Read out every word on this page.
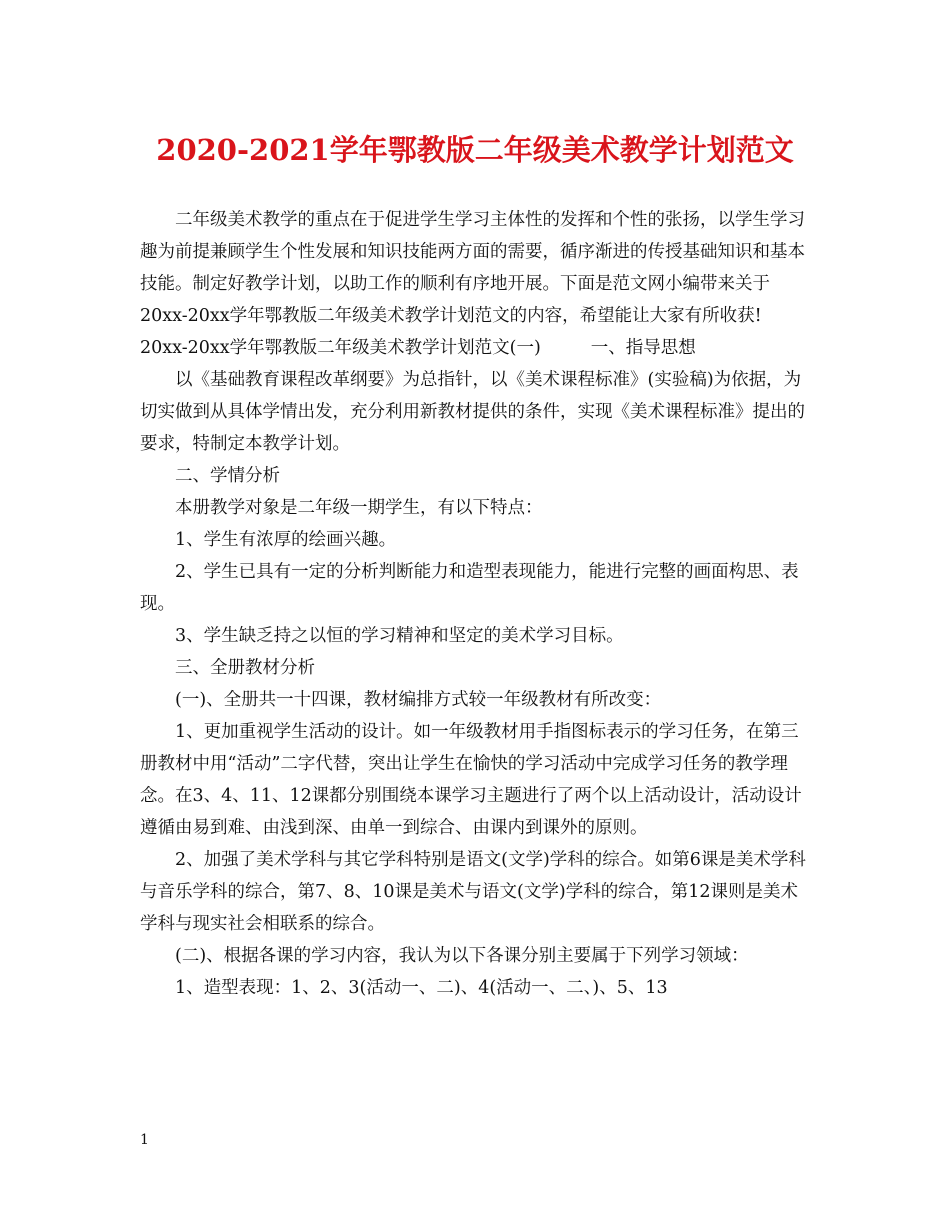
2020-2021学年鄂教版二年级美术教学计划范文

二年级美术教学的重点在于促进学生学习主体性的发挥和个性的张扬，以学生学习趣为前提兼顾学生个性发展和知识技能两方面的需要，循序渐进的传授基础知识和基本技能。制定好教学计划，以助工作的顺利有序地开展。下面是范文网小编带来关于20xx-20xx学年鄂教版二年级美术教学计划范文的内容，希望能让大家有所收获!

20xx-20xx学年鄂教版二年级美术教学计划范文(一)	一、指导思想

以《基础教育课程改革纲要》为总指针，以《美术课程标准》(实验稿)为依据，为切实做到从具体学情出发，充分利用新教材提供的条件，实现《美术课程标准》提出的要求，特制定本教学计划。

二、学情分析

本册教学对象是二年级一期学生，有以下特点：

1、学生有浓厚的绘画兴趣。

2、学生已具有一定的分析判断能力和造型表现能力，能进行完整的画面构思、表现。

3、学生缺乏持之以恒的学习精神和坚定的美术学习目标。

三、全册教材分析

(一)、全册共一十四课，教材编排方式较一年级教材有所改变：

1、更加重视学生活动的设计。如一年级教材用手指图标表示的学习任务，在第三册教材中用“活动”二字代替，突出让学生在愉快的学习活动中完成学习任务的教学理念。在3、4、11、12课都分别围绕本课学习主题进行了两个以上活动设计，活动设计遵循由易到难、由浅到深、由单一到综合、由课内到课外的原则。

2、加强了美术学科与其它学科特别是语文(文学)学科的综合。如第6课是美术学科与音乐学科的综合，第7、8、10课是美术与语文(文学)学科的综合，第12课则是美术学科与现实社会相联系的综合。

(二)、根据各课的学习内容，我认为以下各课分别主要属于下列学习领域：

1、造型表现：1、2、3(活动一、二)、4(活动一、二、)、5、13

1
